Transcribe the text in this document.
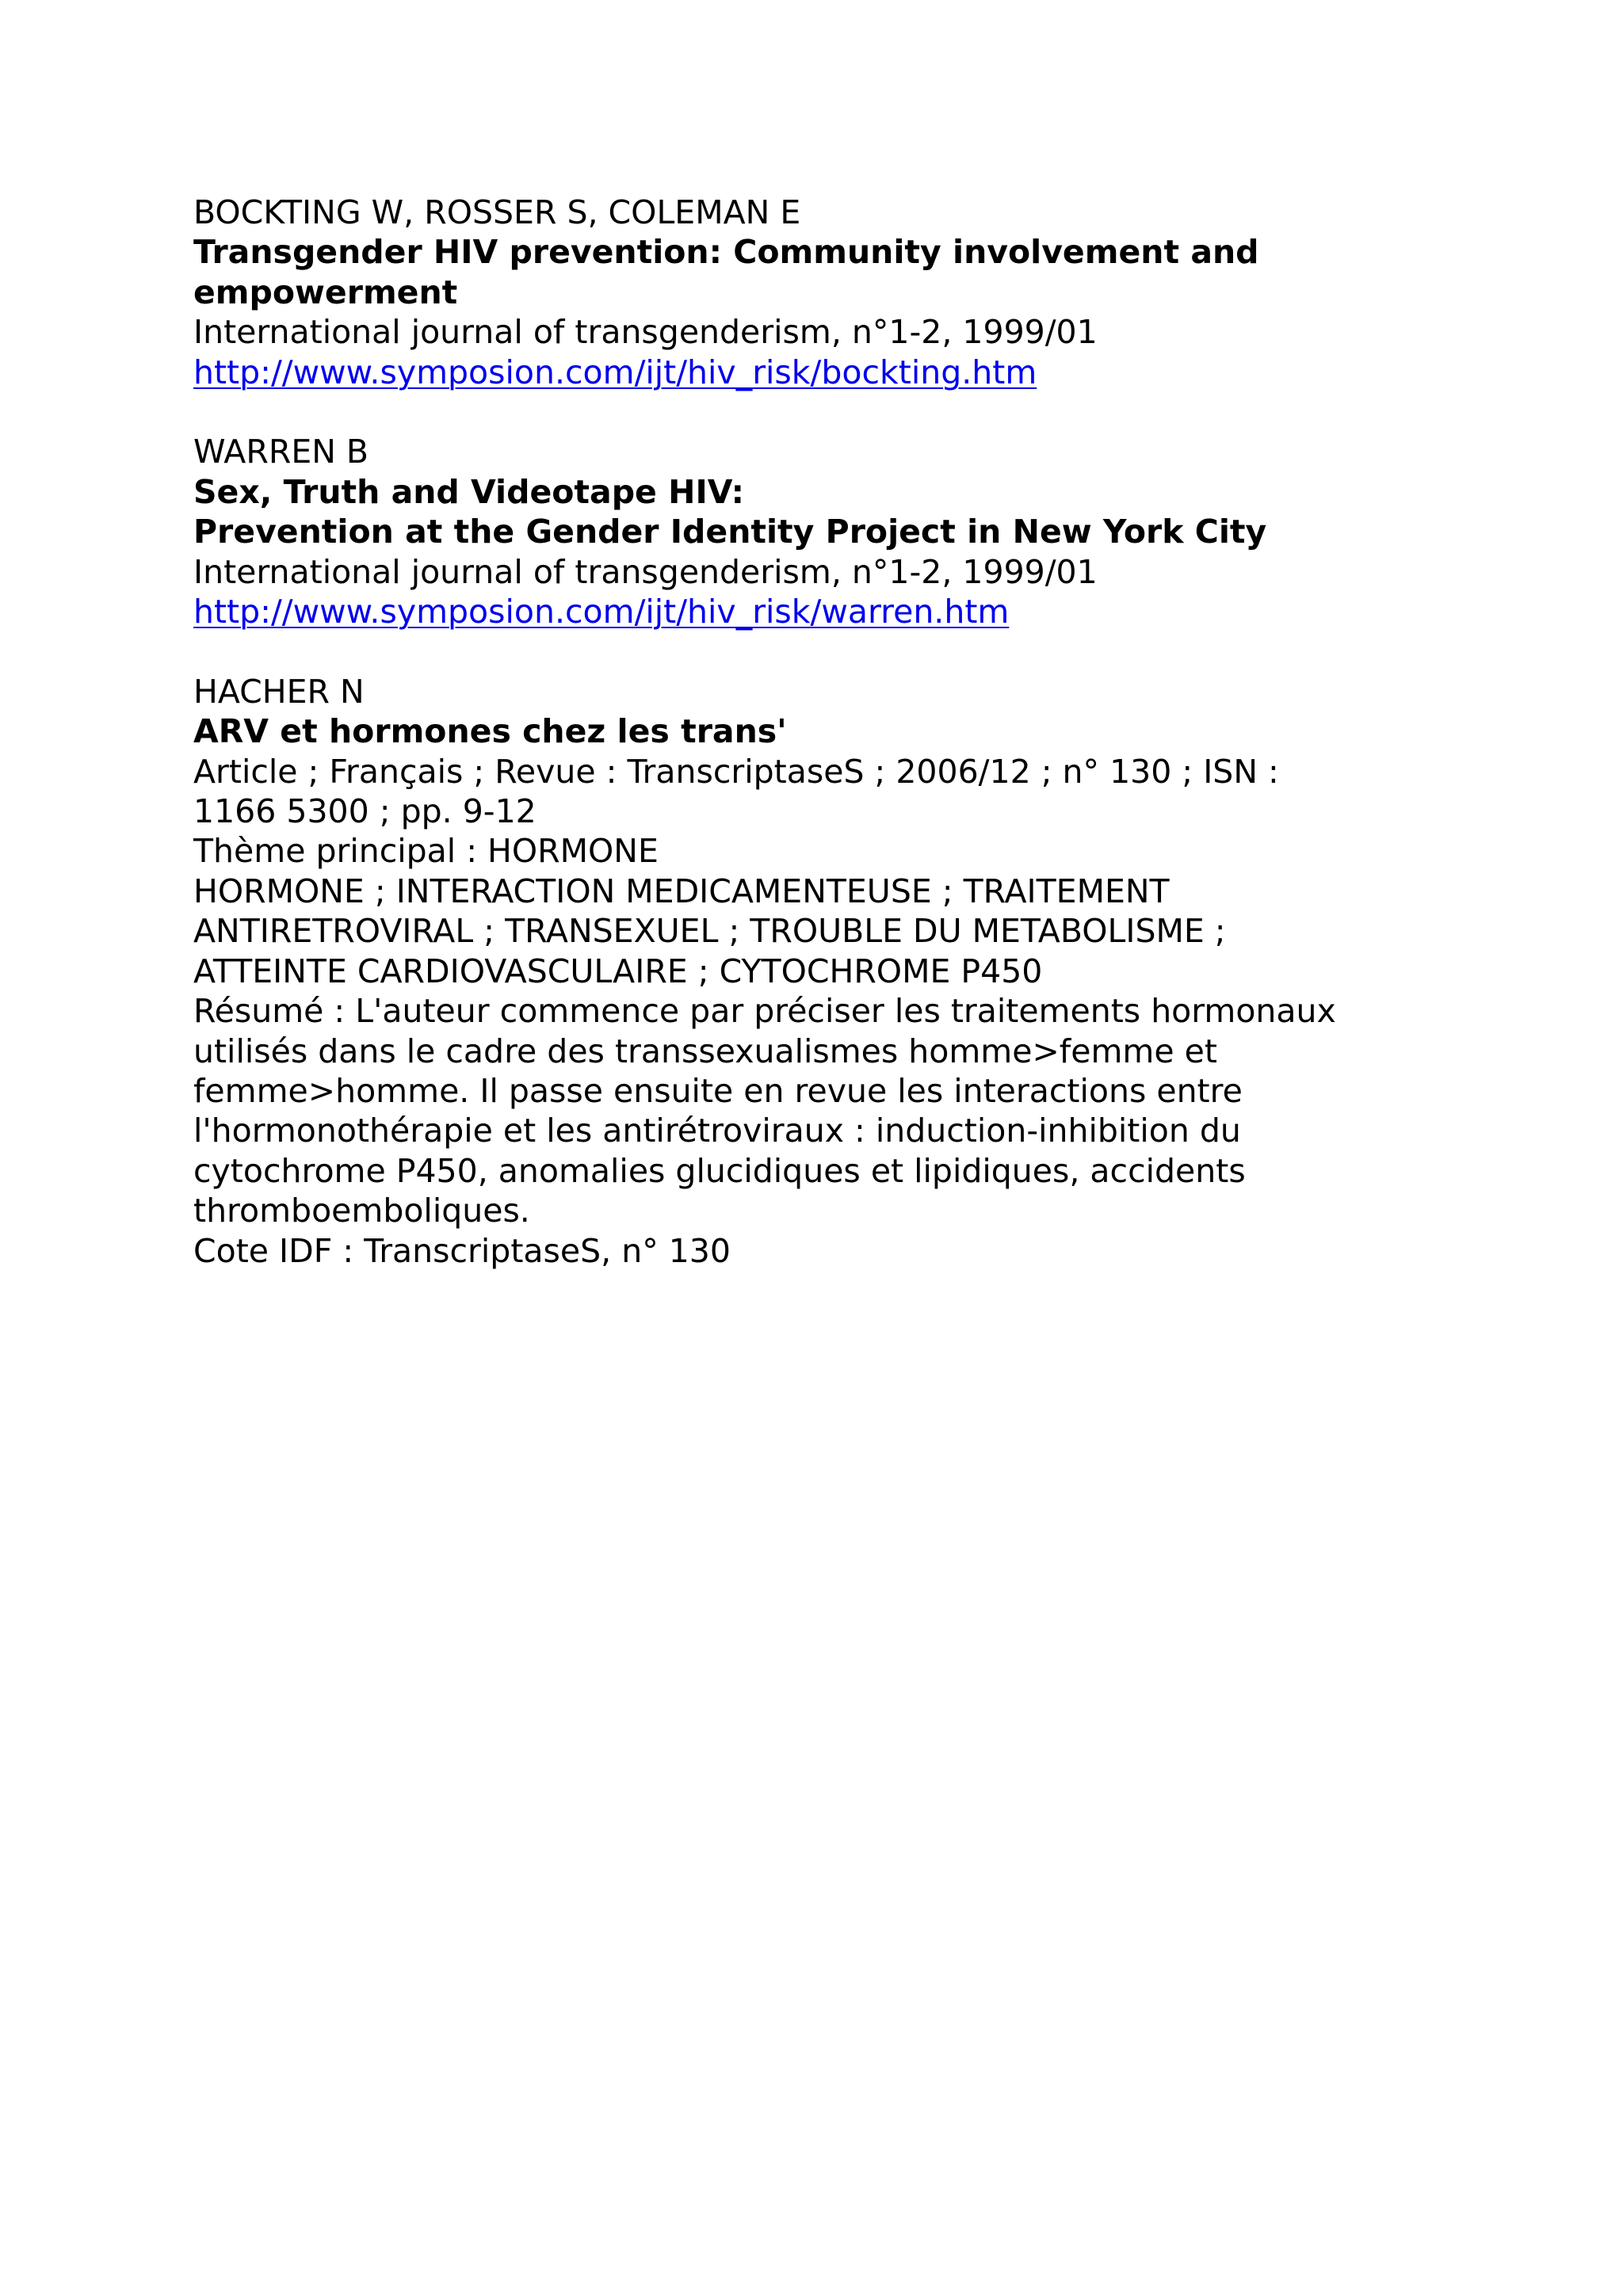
BOCKTING W, ROSSER S, COLEMAN E
Transgender HIV prevention: Community involvement and
empowerment
International journal of transgenderism, n°1-2, 1999/01
http://www.symposion.com/ijt/hiv_risk/bockting.htm
WARREN B
Sex, Truth and Videotape HIV:
Prevention at the Gender Identity Project in New York City
International journal of transgenderism, n°1-2, 1999/01
http://www.symposion.com/ijt/hiv_risk/warren.htm
HACHER N
ARV et hormones chez les trans'
Article ; Français ; Revue : TranscriptaseS ; 2006/12 ; n° 130 ; ISN :
1166 5300 ; pp. 9-12
Thème principal : HORMONE
HORMONE ; INTERACTION MEDICAMENTEUSE ; TRAITEMENT
ANTIRETROVIRAL ; TRANSEXUEL ; TROUBLE DU METABOLISME ;
ATTEINTE CARDIOVASCULAIRE ; CYTOCHROME P450
Résumé : L'auteur commence par préciser les traitements hormonaux
utilisés dans le cadre des transsexualismes homme>femme et
femme>homme. Il passe ensuite en revue les interactions entre
l'hormonothérapie et les antirétroviraux : induction-inhibition du
cytochrome P450, anomalies glucidiques et lipidiques, accidents
thromboemboliques.
Cote IDF : TranscriptaseS, n° 130
